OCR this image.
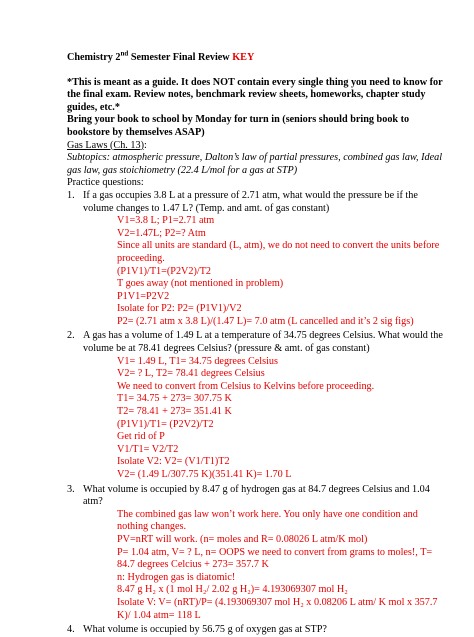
Chemistry 2nd Semester Final Review KEY

*This is meant as a guide. It does NOT contain every single thing you need to know for the final exam. Review notes, benchmark review sheets, homeworks, chapter study guides, etc.*

Bring your book to school by Monday for turn in (seniors should bring book to bookstore by themselves ASAP)

Gas Laws (Ch. 13):

Subtopics: atmospheric pressure, Dalton’s law of partial pressures, combined gas law, Ideal gas law, gas stoichiometry (22.4 L/mol for a gas at STP)

Practice questions:

1. If a gas occupies 3.8 L at a pressure of 2.71 atm, what would the pressure be if the volume changes to 1.47 L? (Temp. and amt. of gas constant)

V1=3.8 L; P1=2.71 atm

V2=1.47L; P2=? Atm

Since all units are standard (L, atm), we do not need to convert the units before proceeding.

(P1V1)/T1=(P2V2)/T2

T goes away (not mentioned in problem)

P1V1=P2V2

Isolate for P2: P2= (P1V1)/V2

P2= (2.71 atm x 3.8 L)/(1.47 L)= 7.0 atm (L cancelled and it’s 2 sig figs)

2. A gas has a volume of 1.49 L at a temperature of 34.75 degrees Celsius. What would the volume be at 78.41 degrees Celsius? (pressure & amt. of gas constant)

V1= 1.49 L, T1= 34.75 degrees Celsius

V2= ? L, T2= 78.41 degrees Celsius

We need to convert from Celsius to Kelvins before proceeding.

T1= 34.75 + 273= 307.75 K

T2= 78.41 + 273= 351.41 K

(P1V1)/T1= (P2V2)/T2

Get rid of P

V1/T1= V2/T2

Isolate V2: V2= (V1/T1)T2

V2= (1.49 L/307.75 K)(351.41 K)= 1.70 L

3. What volume is occupied by 8.47 g of hydrogen gas at 84.7 degrees Celsius and 1.04 atm?

The combined gas law won’t work here. You only have one condition and nothing changes.

PV=nRT will work. (n= moles and R= 0.08026 L atm/K mol)

P= 1.04 atm, V= ? L, n= OOPS we need to convert from grams to moles!, T= 84.7 degrees Celcius + 273= 357.7 K

n: Hydrogen gas is diatomic!

8.47 g H₂ x (1 mol H₂/ 2.02 g H₂)= 4.193069307 mol H₂

Isolate V: V= (nRT)/P= (4.193069307 mol H₂ x 0.08206 L atm/ K mol x 357.7 K)/ 1.04 atm= 118 L

4. What volume is occupied by 56.75 g of oxygen gas at STP?
